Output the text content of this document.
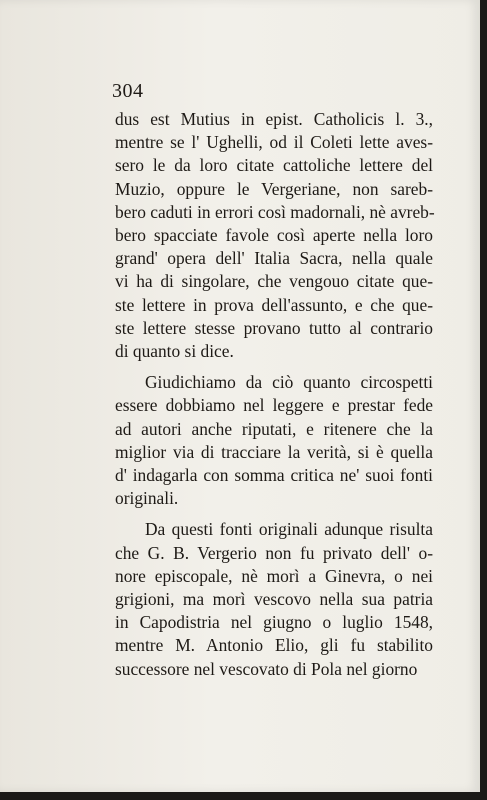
304

dus est Mutius in epist. Catholicis l. 3.,
mentre se l' Ughelli, od il Coleti lette aves-
sero le da loro citate cattoliche lettere del
Muzio, oppure le Vergeriane, non sareb-
bero caduti in errori così madornali, nè avreb-
bero spacciate favole così aperte nella loro
grand' opera dell' Italia Sacra, nella quale
vi ha di singolare, che vengouo citate que-
ste lettere in prova dell'assunto, e che que-
ste lettere stesse provano tutto al contrario
di quanto si dice.

Giudichiamo da ciò quanto circospetti
essere dobbiamo nel leggere e prestar fede
ad autori anche riputati, e ritenere che la
miglior via di tracciare la verità, si è quella
d' indagarla con somma critica ne' suoi fonti
originali.

Da questi fonti originali adunque risulta
che G. B. Vergerio non fu privato dell' o-
nore episcopale, nè morì a Ginevra, o nei
grigioni, ma morì vescovo nella sua patria
in Capodistria nel giugno o luglio 1548,
mentre M. Antonio Elio, gli fu stabilito
successore nel vescovato di Pola nel giorno
